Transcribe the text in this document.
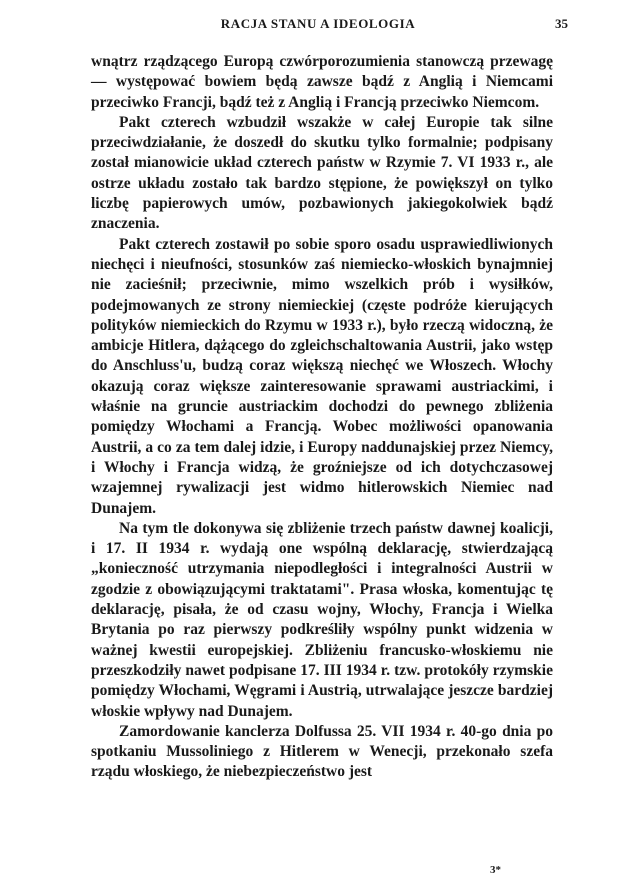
RACJA STANU A IDEOLOGIA	35

wnątrz rządzącego Europą czwórporozumienia stanowczą przewagę — występować bowiem będą zawsze bądź z Anglią i Niemcami przeciwko Francji, bądź też z Anglią i Francją przeciwko Niemcom.

Pakt czterech wzbudził wszakże w całej Europie tak silne przeciwdziałanie, że doszedł do skutku tylko formalnie; podpisany został mianowicie układ czterech państw w Rzymie 7. VI 1933 r., ale ostrze układu zostało tak bardzo stępione, że powiększył on tylko liczbę papierowych umów, pozbawionych jakiegokolwiek bądź znaczenia.

Pakt czterech zostawił po sobie sporo osadu usprawiedliwionych niechęci i nieufności, stosunków zaś niemiecko-włoskich bynajmniej nie zacieśnił; przeciwnie, mimo wszelkich prób i wysiłków, podejmowanych ze strony niemieckiej (częste podróże kierujących polityków niemieckich do Rzymu w 1933 r.), było rzeczą widoczną, że ambicje Hitlera, dążącego do zgleichschaltowania Austrii, jako wstęp do Anschluss'u, budzą coraz większą niechęć we Włoszech. Włochy okazują coraz większe zainteresowanie sprawami austriackimi, i właśnie na gruncie austriackim dochodzi do pewnego zbliżenia pomiędzy Włochami a Francją. Wobec możliwości opanowania Austrii, a co za tem dalej idzie, i Europy naddunajskiej przez Niemcy, i Włochy i Francja widzą, że groźniejsze od ich dotychczasowej wzajemnej rywalizacji jest widmo hitlerowskich Niemiec nad Dunajem.

Na tym tle dokonywa się zbliżenie trzech państw dawnej koalicji, i 17. II 1934 r. wydają one wspólną deklarację, stwierdzającą „konieczność utrzymania niepodległości i integralności Austrii w zgodzie z obowiązującymi traktatami". Prasa włoska, komentując tę deklarację, pisała, że od czasu wojny, Włochy, Francja i Wielka Brytania po raz pierwszy podkreśliły wspólny punkt widzenia w ważnej kwestii europejskiej. Zbliżeniu francusko-włoskiemu nie przeszkodziły nawet podpisane 17. III 1934 r. tzw. protokóły rzymskie pomiędzy Włochami, Węgrami i Austrią, utrwalające jeszcze bardziej włoskie wpływy nad Dunajem.

Zamordowanie kanclerza Dolfussa 25. VII 1934 r. 40-go dnia po spotkaniu Mussoliniego z Hitlerem w Wenecji, przekonało szefa rządu włoskiego, że niebezpieczeństwo jest

3*
